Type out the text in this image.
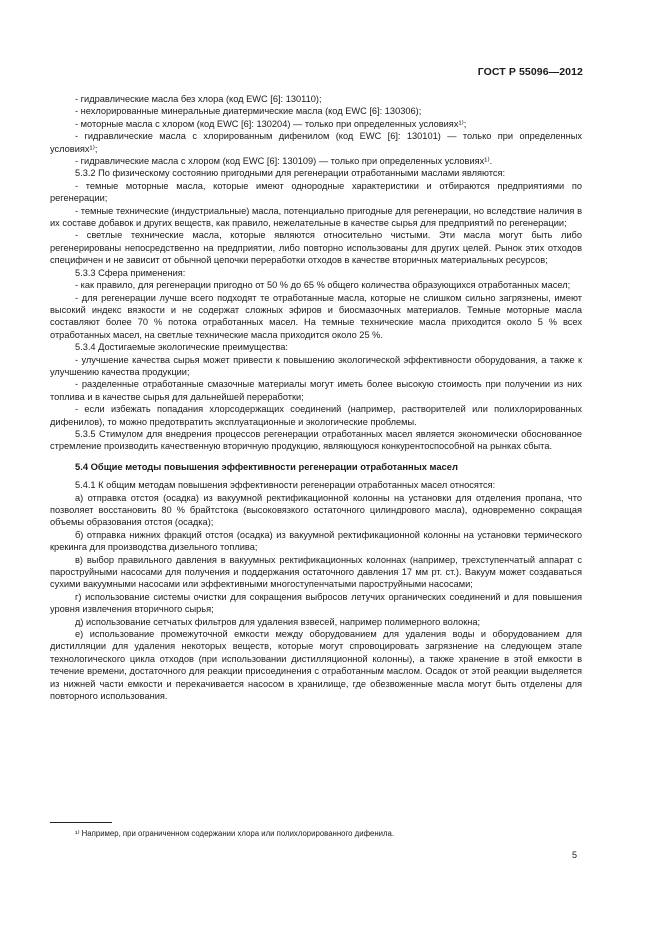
ГОСТ Р 55096—2012

- гидравлические масла без хлора (код EWC [6]: 130110);

- нехлорированные минеральные диатермические масла (код EWC [6]: 130306);

- моторные масла с хлором (код EWC [6]: 130204) — только при определенных условиях¹⁾;

- гидравлические масла с хлорированным дифенилом (код EWC [6]: 130101) — только при определенных условиях¹⁾;

- гидравлические масла с хлором (код EWC [6]: 130109) — только при определенных условиях¹⁾.

5.3.2 По физическому состоянию пригодными для регенерации отработанными маслами являются:

- темные моторные масла, которые имеют однородные характеристики и отбираются предприятиями по регенерации;

- темные технические (индустриальные) масла, потенциально пригодные для регенерации, но вследствие наличия в их составе добавок и других веществ, как правило, нежелательные в качестве сырья для предприятий по регенерации;

- светлые технические масла, которые являются относительно чистыми. Эти масла могут быть либо регенерированы непосредственно на предприятии, либо повторно использованы для других целей. Рынок этих отходов специфичен и не зависит от обычной цепочки переработки отходов в качестве вторичных материальных ресурсов;

5.3.3 Сфера применения:

- как правило, для регенерации пригодно от 50 % до 65 % общего количества образующихся отработанных масел;

- для регенерации лучше всего подходят те отработанные масла, которые не слишком сильно загрязнены, имеют высокий индекс вязкости и не содержат сложных эфиров и биосмазочных материалов. Темные моторные масла составляют более 70 % потока отработанных масел. На темные технические масла приходится около 5 % всех отработанных масел, на светлые технические масла приходится около 25 %.

5.3.4 Достигаемые экологические преимущества:

- улучшение качества сырья может привести к повышению экологической эффективности оборудования, а также к улучшению качества продукции;

- разделенные отработанные смазочные материалы могут иметь более высокую стоимость при получении из них топлива и в качестве сырья для дальнейшей переработки;

- если избежать попадания хлорсодержащих соединений (например, растворителей или полихлорированных дифенилов), то можно предотвратить эксплуатационные и экологические проблемы.

5.3.5 Стимулом для внедрения процессов регенерации отработанных масел является экономически обоснованное стремление производить качественную вторичную продукцию, являющуюся конкурентоспособной на рынках сбыта.

5.4 Общие методы повышения эффективности регенерации отработанных масел

5.4.1 К общим методам повышения эффективности регенерации отработанных масел относятся:

а) отправка отстоя (осадка) из вакуумной ректификационной колонны на установки для отделения пропана, что позволяет восстановить 80 % брайтстока (высоковязкого остаточного цилиндрового масла), одновременно сокращая объемы образования отстоя (осадка);

б) отправка нижних фракций отстоя (осадка) из вакуумной ректификационной колонны на установки термического крекинга для производства дизельного топлива;

в) выбор правильного давления в вакуумных ректификационных колоннах (например, трехступенчатый аппарат с пароструйными насосами для получения и поддержания остаточного давления 17 мм рт. ст.). Вакуум может создаваться сухими вакуумными насосами или эффективными многоступенчатыми пароструйными насосами;

г) использование системы очистки для сокращения выбросов летучих органических соединений и для повышения уровня извлечения вторичного сырья;

д) использование сетчатых фильтров для удаления взвесей, например полимерного волокна;

е) использование промежуточной емкости между оборудованием для удаления воды и оборудованием для дистилляции для удаления некоторых веществ, которые могут спровоцировать загрязнение на следующем этапе технологического цикла отходов (при использовании дистилляционной колонны), а также хранение в этой емкости в течение времени, достаточного для реакции присоединения с отработанным маслом. Осадок от этой реакции выделяется из нижней части емкости и перекачивается насосом в хранилище, где обезвоженные масла могут быть отделены для повторного использования.

¹⁾ Например, при ограниченном содержании хлора или полихлорированного дифенила.
5
